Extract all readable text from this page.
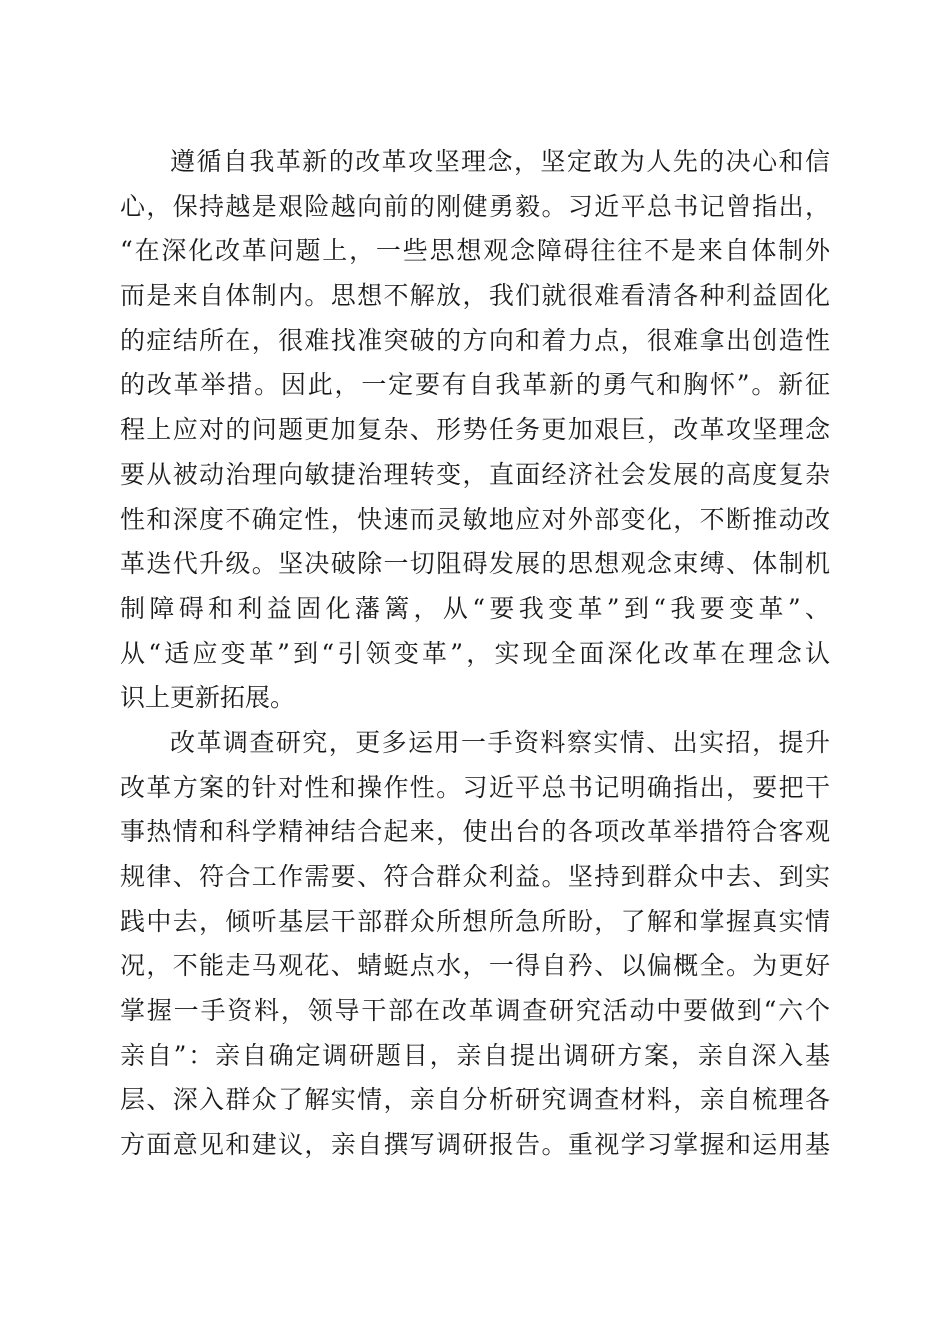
遵循自我革新的改革攻坚理念，坚定敢为人先的决心和信
心，保持越是艰险越向前的刚健勇毅。习近平总书记曾指出，
“在深化改革问题上，一些思想观念障碍往往不是来自体制外
而是来自体制内。思想不解放，我们就很难看清各种利益固化
的症结所在，很难找准突破的方向和着力点，很难拿出创造性
的改革举措。因此，一定要有自我革新的勇气和胸怀”。新征
程上应对的问题更加复杂、形势任务更加艰巨，改革攻坚理念
要从被动治理向敏捷治理转变，直面经济社会发展的高度复杂
性和深度不确定性，快速而灵敏地应对外部变化，不断推动改
革迭代升级。坚决破除一切阻碍发展的思想观念束缚、体制机
制障碍和利益固化藩篱，从“要我变革”到“我要变革”、
从“适应变革”到“引领变革”，实现全面深化改革在理念认
识上更新拓展。
改革调查研究，更多运用一手资料察实情、出实招，提升
改革方案的针对性和操作性。习近平总书记明确指出，要把干
事热情和科学精神结合起来，使出台的各项改革举措符合客观
规律、符合工作需要、符合群众利益。坚持到群众中去、到实
践中去，倾听基层干部群众所想所急所盼，了解和掌握真实情
况，不能走马观花、蜻蜓点水，一得自矜、以偏概全。为更好
掌握一手资料，领导干部在改革调查研究活动中要做到“六个
亲自”：亲自确定调研题目，亲自提出调研方案，亲自深入基
层、深入群众了解实情，亲自分析研究调查材料，亲自梳理各
方面意见和建议，亲自撰写调研报告。重视学习掌握和运用基
